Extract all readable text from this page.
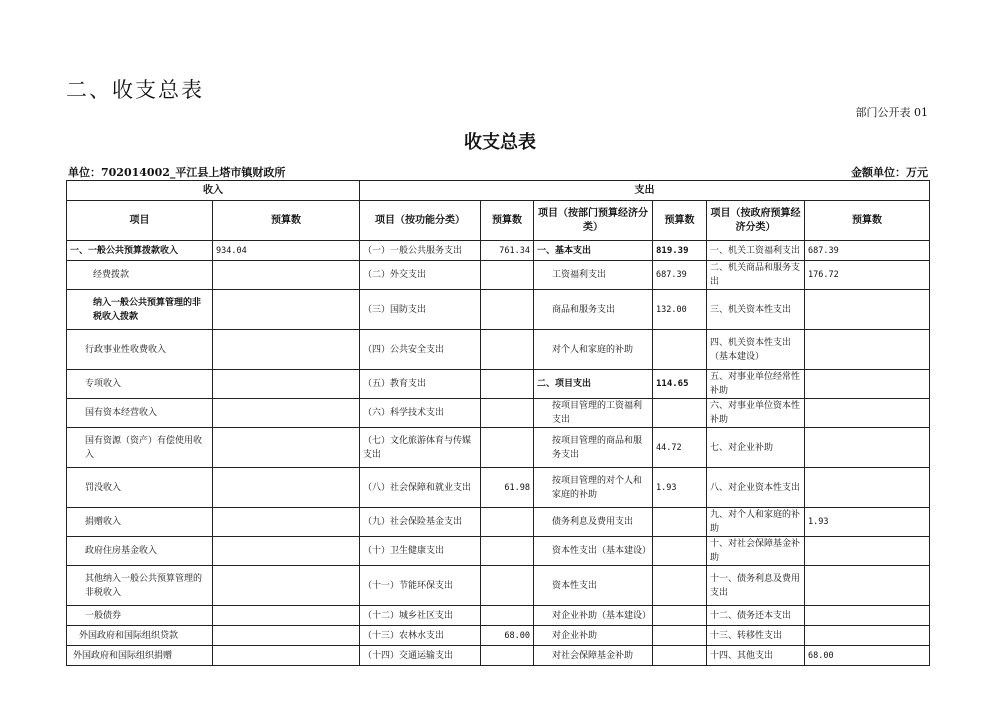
二、收支总表
部门公开表 01
收支总表
单位：702014002_平江县上塔市镇财政所	金额单位：万元
收入		支出					
项目	预算数	项目（按功能分类）	预算数	项目（按部门预算经济分类）	预算数	项目（按政府预算经济分类）	预算数
一、一般公共预算拨款收入	934.04	（一）一般公共服务支出	761.34	一、基本支出	819.39	一、机关工资福利支出	687.39
经费拨款		（二）外交支出		工资福利支出	687.39	二、机关商品和服务支出	176.72
纳入一般公共预算管理的非税收入拨款		（三）国防支出		商品和服务支出	132.00	三、机关资本性支出	
行政事业性收费收入		（四）公共安全支出		对个人和家庭的补助		四、机关资本性支出（基本建设）	
专项收入		（五）教育支出		二、项目支出	114.65	五、对事业单位经常性补助	
国有资本经营收入		（六）科学技术支出		按项目管理的工资福利支出		六、对事业单位资本性补助	
国有资源（资产）有偿使用收入		（七）文化旅游体育与传媒支出		按项目管理的商品和服务支出	44.72	七、对企业补助	
罚没收入		（八）社会保障和就业支出	61.98	按项目管理的对个人和家庭的补助	1.93	八、对企业资本性支出	
捐赠收入		（九）社会保险基金支出		债务利息及费用支出		九、对个人和家庭的补助	1.93
政府住房基金收入		（十）卫生健康支出		资本性支出（基本建设）		十、对社会保障基金补助	
其他纳入一般公共预算管理的非税收入		（十一）节能环保支出		资本性支出		十一、债务利息及费用支出	
一般债券		（十二）城乡社区支出		对企业补助（基本建设）		十二、债务还本支出	
外国政府和国际组织贷款		（十三）农林水支出	68.00	对企业补助		十三、转移性支出	
外国政府和国际组织捐赠		（十四）交通运输支出		对社会保障基金补助		十四、其他支出	68.00
